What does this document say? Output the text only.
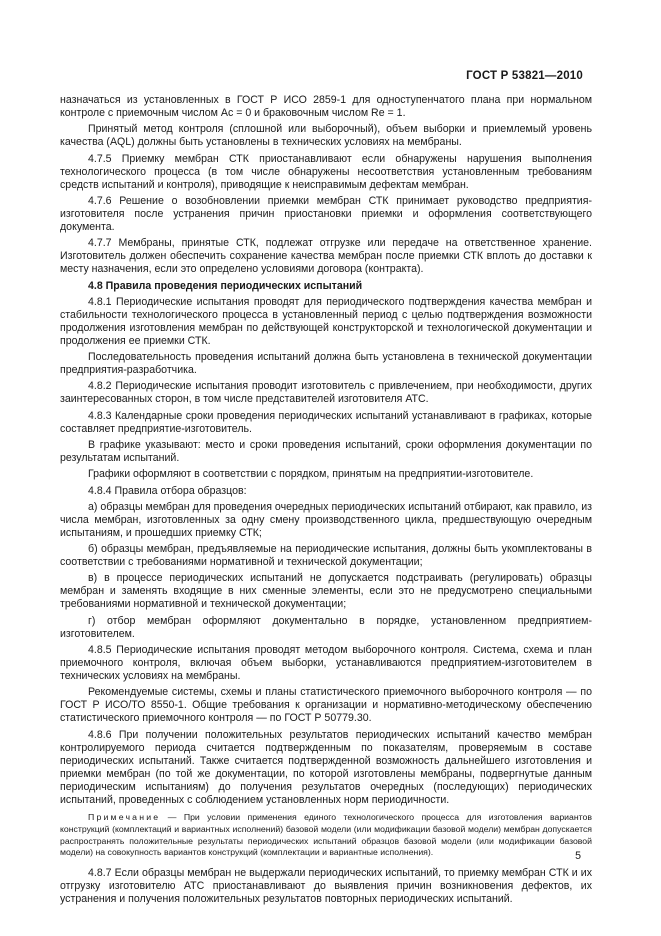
ГОСТ Р 53821—2010

назначаться из установленных в ГОСТ Р ИСО 2859-1 для одноступенчатого плана при нормальном контроле с приемочным числом Ас = 0 и браковочным числом Rе = 1.

Принятый метод контроля (сплошной или выборочный), объем выборки и приемлемый уровень качества (AQL) должны быть установлены в технических условиях на мембраны.

4.7.5 Приемку мембран СТК приостанавливают если обнаружены нарушения выполнения технологического процесса (в том числе обнаружены несоответствия установленным требованиям средств испытаний и контроля), приводящие к неисправимым дефектам мембран.

4.7.6 Решение о возобновлении приемки мембран СТК принимает руководство предприятия-изготовителя после устранения причин приостановки приемки и оформления соответствующего документа.

4.7.7 Мембраны, принятые СТК, подлежат отгрузке или передаче на ответственное хранение. Изготовитель должен обеспечить сохранение качества мембран после приемки СТК вплоть до доставки к месту назначения, если это определено условиями договора (контракта).

4.8 Правила проведения периодических испытаний

4.8.1 Периодические испытания проводят для периодического подтверждения качества мембран и стабильности технологического процесса в установленный период с целью подтверждения возможности продолжения изготовления мембран по действующей конструкторской и технологической документации и продолжения ее приемки СТК.

Последовательность проведения испытаний должна быть установлена в технической документации предприятия-разработчика.

4.8.2 Периодические испытания проводит изготовитель с привлечением, при необходимости, других заинтересованных сторон, в том числе представителей изготовителя АТС.

4.8.3 Календарные сроки проведения периодических испытаний устанавливают в графиках, которые составляет предприятие-изготовитель.

В графике указывают: место и сроки проведения испытаний, сроки оформления документации по результатам испытаний.

Графики оформляют в соответствии с порядком, принятым на предприятии-изготовителе.

4.8.4 Правила отбора образцов:

а) образцы мембран для проведения очередных периодических испытаний отбирают, как правило, из числа мембран, изготовленных за одну смену производственного цикла, предшествующую очередным испытаниям, и прошедших приемку СТК;

б) образцы мембран, предъявляемые на периодические испытания, должны быть укомплектованы в соответствии с требованиями нормативной и технической документации;

в) в процессе периодических испытаний не допускается подстраивать (регулировать) образцы мембран и заменять входящие в них сменные элементы, если это не предусмотрено специальными требованиями нормативной и технической документации;

г) отбор мембран оформляют документально в порядке, установленном предприятием-изготовителем.

4.8.5 Периодические испытания проводят методом выборочного контроля. Система, схема и план приемочного контроля, включая объем выборки, устанавливаются предприятием-изготовителем в технических условиях на мембраны.

Рекомендуемые системы, схемы и планы статистического приемочного выборочного контроля — по ГОСТ Р ИСО/ТО 8550-1. Общие требования к организации и нормативно-методическому обеспечению статистического приемочного контроля — по ГОСТ Р 50779.30.

4.8.6 При получении положительных результатов периодических испытаний качество мембран контролируемого периода считается подтвержденным по показателям, проверяемым в составе периодических испытаний. Также считается подтвержденной возможность дальнейшего изготовления и приемки мембран (по той же документации, по которой изготовлены мембраны, подвергнутые данным периодическим испытаниям) до получения результатов очередных (последующих) периодических испытаний, проведенных с соблюдением установленных норм периодичности.

Примечание — При условии применения единого технологического процесса для изготовления вариантов конструкций (комплектаций и вариантных исполнений) базовой модели (или модификации базовой модели) мембран допускается распространять положительные результаты периодических испытаний образцов базовой модели (или модификации базовой модели) на совокупность вариантов конструкций (комплектации и вариантные исполнения).

4.8.7 Если образцы мембран не выдержали периодических испытаний, то приемку мембран СТК и их отгрузку изготовителю АТС приостанавливают до выявления причин возникновения дефектов, их устранения и получения положительных результатов повторных периодических испытаний.

5
